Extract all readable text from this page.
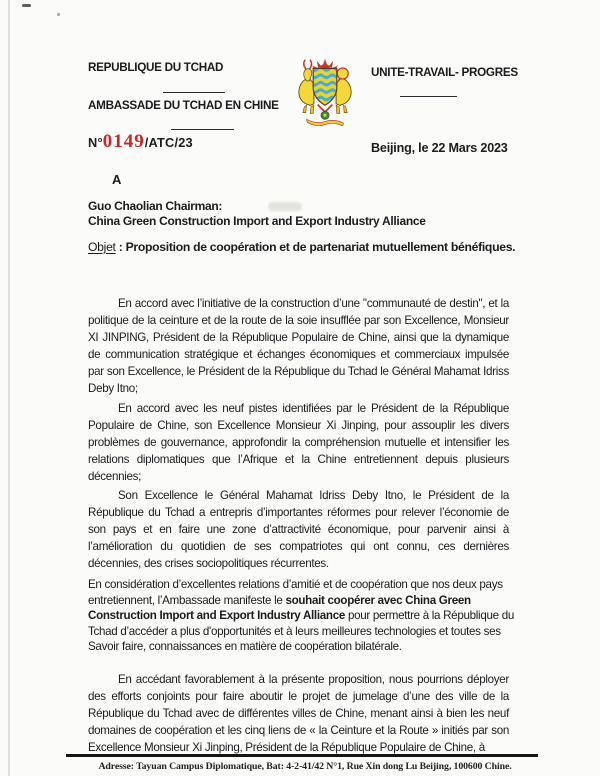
REPUBLIQUE DU TCHAD
AMBASSADE DU TCHAD EN CHINE
UNITE-TRAVAIL- PROGRES
N°0149/ATC/23	Beijing, le 22 Mars 2023
A
Guo Chaolian Chairman:
China Green Construction Import and Export Industry Alliance
Objet : Proposition de coopération et de partenariat mutuellement bénéfiques.
En accord avec l’initiative de la construction d’une "communauté de destin", et la politique de la ceinture et de la route de la soie insufflée par son Excellence, Monsieur XI JINPING, Président de la République Populaire de Chine, ainsi que la dynamique de communication stratégique et échanges économiques et commerciaux impulsée par son Excellence, le Président de la République du Tchad le Général Mahamat Idriss Deby Itno;
En accord avec les neuf pistes identifiées par le Président de la République Populaire de Chine, son Excellence Monsieur Xi Jinping, pour assouplir les divers problèmes de gouvernance, approfondir la compréhension mutuelle et intensifier les relations diplomatiques que l’Afrique et la Chine entretiennent depuis plusieurs décennies;
Son Excellence le Général Mahamat Idriss Deby Itno, le Président de la République du Tchad a entrepris d’importantes réformes pour relever l’économie de son pays et en faire une zone d’attractivité économique, pour parvenir ainsi à l’amélioration du quotidien de ses compatriotes qui ont connu, ces dernières décennies, des crises sociopolitiques récurrentes.
En considération d’excellentes relations d’amitié et de coopération que nos deux pays entretiennent, l’Ambassade manifeste le souhait coopérer avec China Green Construction Import and Export Industry Alliance pour permettre à la République du Tchad d’accéder a plus d'opportunités et à leurs meilleures technologies et toutes ses Savoir faire, connaissances en matière de coopération bilatérale.
En accédant favorablement à la présente proposition, nous pourrions déployer des efforts conjoints pour faire aboutir le projet de jumelage d’une des ville de la République du Tchad avec de différentes villes de Chine, menant ainsi à bien les neuf domaines de coopération et les cinq liens de « la Ceinture et la Route » initiés par son Excellence Monsieur Xi Jinping, Président de la République Populaire de Chine, à
Adresse: Tayuan Campus Diplomatique, Bat: 4-2-41/42 N°1, Rue Xin dong Lu Beijing, 100600 Chine.
